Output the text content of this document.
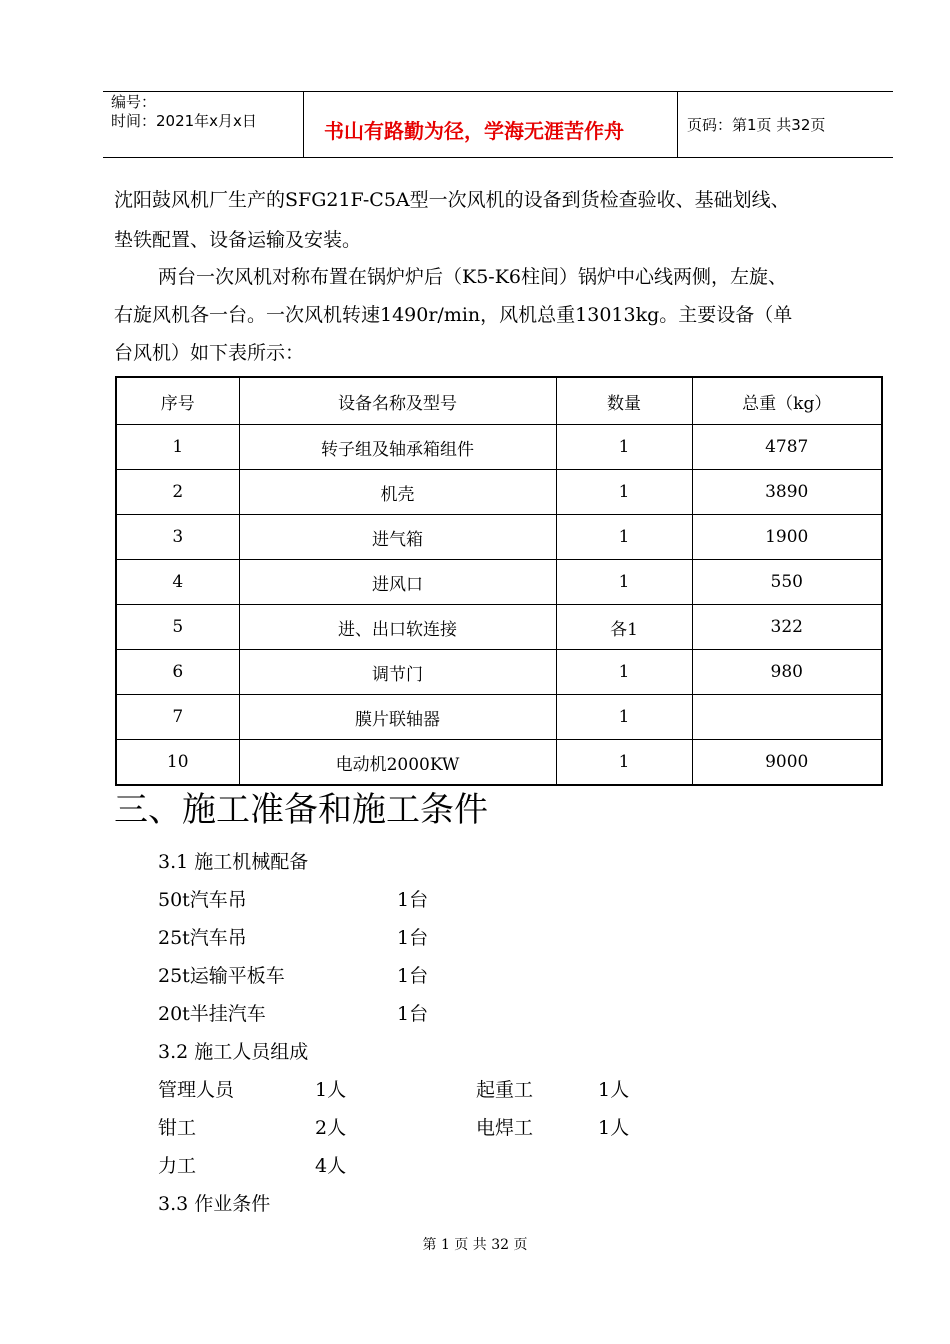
编号：
时间：2021年x月x日	书山有路勤为径，学海无涯苦作舟	页码：第1页 共32页
沈阳鼓风机厂生产的SFG21F-C5A型一次风机的设备到货检查验收、基础划线、
垫铁配置、设备运输及安装。
两台一次风机对称布置在锅炉炉后（K5-K6柱间）锅炉中心线两侧，左旋、
右旋风机各一台。一次风机转速1490r/min，风机总重13013kg。主要设备（单
台风机）如下表所示：
序号	设备名称及型号	数量	总重（kg）
1	转子组及轴承箱组件	1	4787
2	机壳	1	3890
3	进气箱	1	1900
4	进风口	1	550
5	进、出口软连接	各1	322
6	调节门	1	980
7	膜片联轴器	1	
10	电动机2000KW	1	9000
三、施工准备和施工条件
3.1 施工机械配备
50t汽车吊	1台
25t汽车吊	1台
25t运输平板车	1台
20t半挂汽车	1台
3.2 施工人员组成
管理人员	1人	起重工	1人
钳工	2人	电焊工	1人
力工	4人
3.3 作业条件
第 1 页 共 32 页
